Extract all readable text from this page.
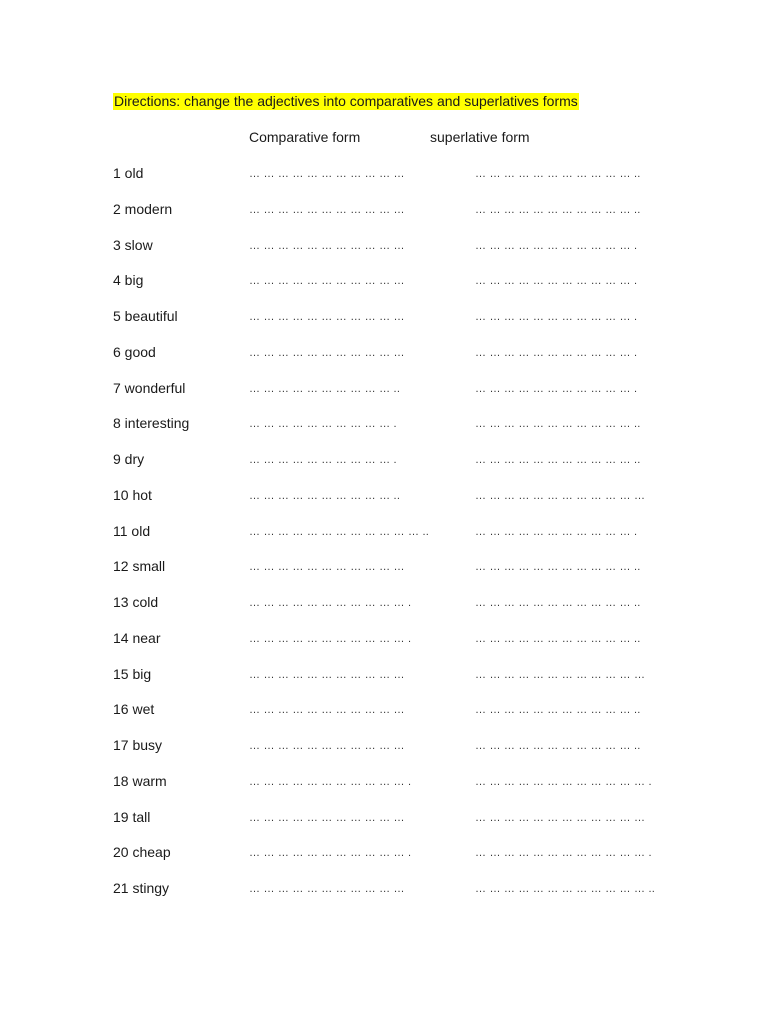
Directions: change the adjectives into comparatives and superlatives forms
Comparative form	superlative form
1 old	… … … … … … … … … … …	… … … … … … … … … … … ..
2 modern	… … … … … … … … … … …	… … … … … … … … … … … ..
3 slow	… … … … … … … … … … …	… … … … … … … … … … … .
4 big	… … … … … … … … … … …	… … … … … … … … … … … .
5 beautiful	… … … … … … … … … … …	… … … … … … … … … … … .
6 good	… … … … … … … … … … …	… … … … … … … … … … … .
7 wonderful	… … … … … … … … … … ..	… … … … … … … … … … … .
8 interesting	… … … … … … … … … … .	… … … … … … … … … … … ..
9 dry	… … … … … … … … … … .	… … … … … … … … … … … ..
10 hot	… … … … … … … … … … ..	… … … … … … … … … … … …
11 old	… … … … … … … … … … … … ..	… … … … … … … … … … … .
12 small	… … … … … … … … … … …	… … … … … … … … … … … ..
13 cold	… … … … … … … … … … … .	… … … … … … … … … … … ..
14 near	… … … … … … … … … … … .	… … … … … … … … … … … ..
15 big	… … … … … … … … … … …	… … … … … … … … … … … …
16 wet	… … … … … … … … … … …	… … … … … … … … … … … ..
17 busy	… … … … … … … … … … …	… … … … … … … … … … … ..
18 warm	… … … … … … … … … … … .	… … … … … … … … … … … … .
19 tall	… … … … … … … … … … …	… … … … … … … … … … … …
20 cheap	… … … … … … … … … … … .	… … … … … … … … … … … … .
21 stingy	… … … … … … … … … … …	… … … … … … … … … … … … ..
